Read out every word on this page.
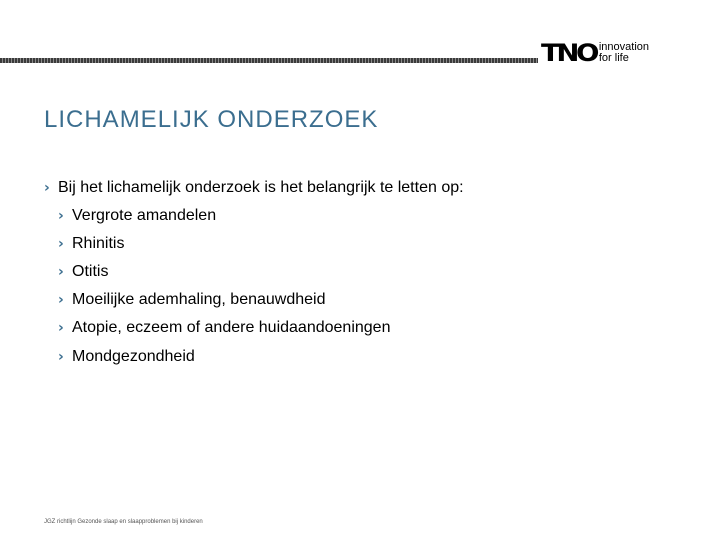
TNO innovation
for life
LICHAMELIJK ONDERZOEK
› Bij het lichamelijk onderzoek is het belangrijk te letten op:
› Vergrote amandelen
› Rhinitis
› Otitis
› Moeilijke ademhaling, benauwdheid
› Atopie, eczeem of andere huidaandoeningen
› Mondgezondheid
JGZ richtlijn Gezonde slaap en slaapproblemen bij kinderen
